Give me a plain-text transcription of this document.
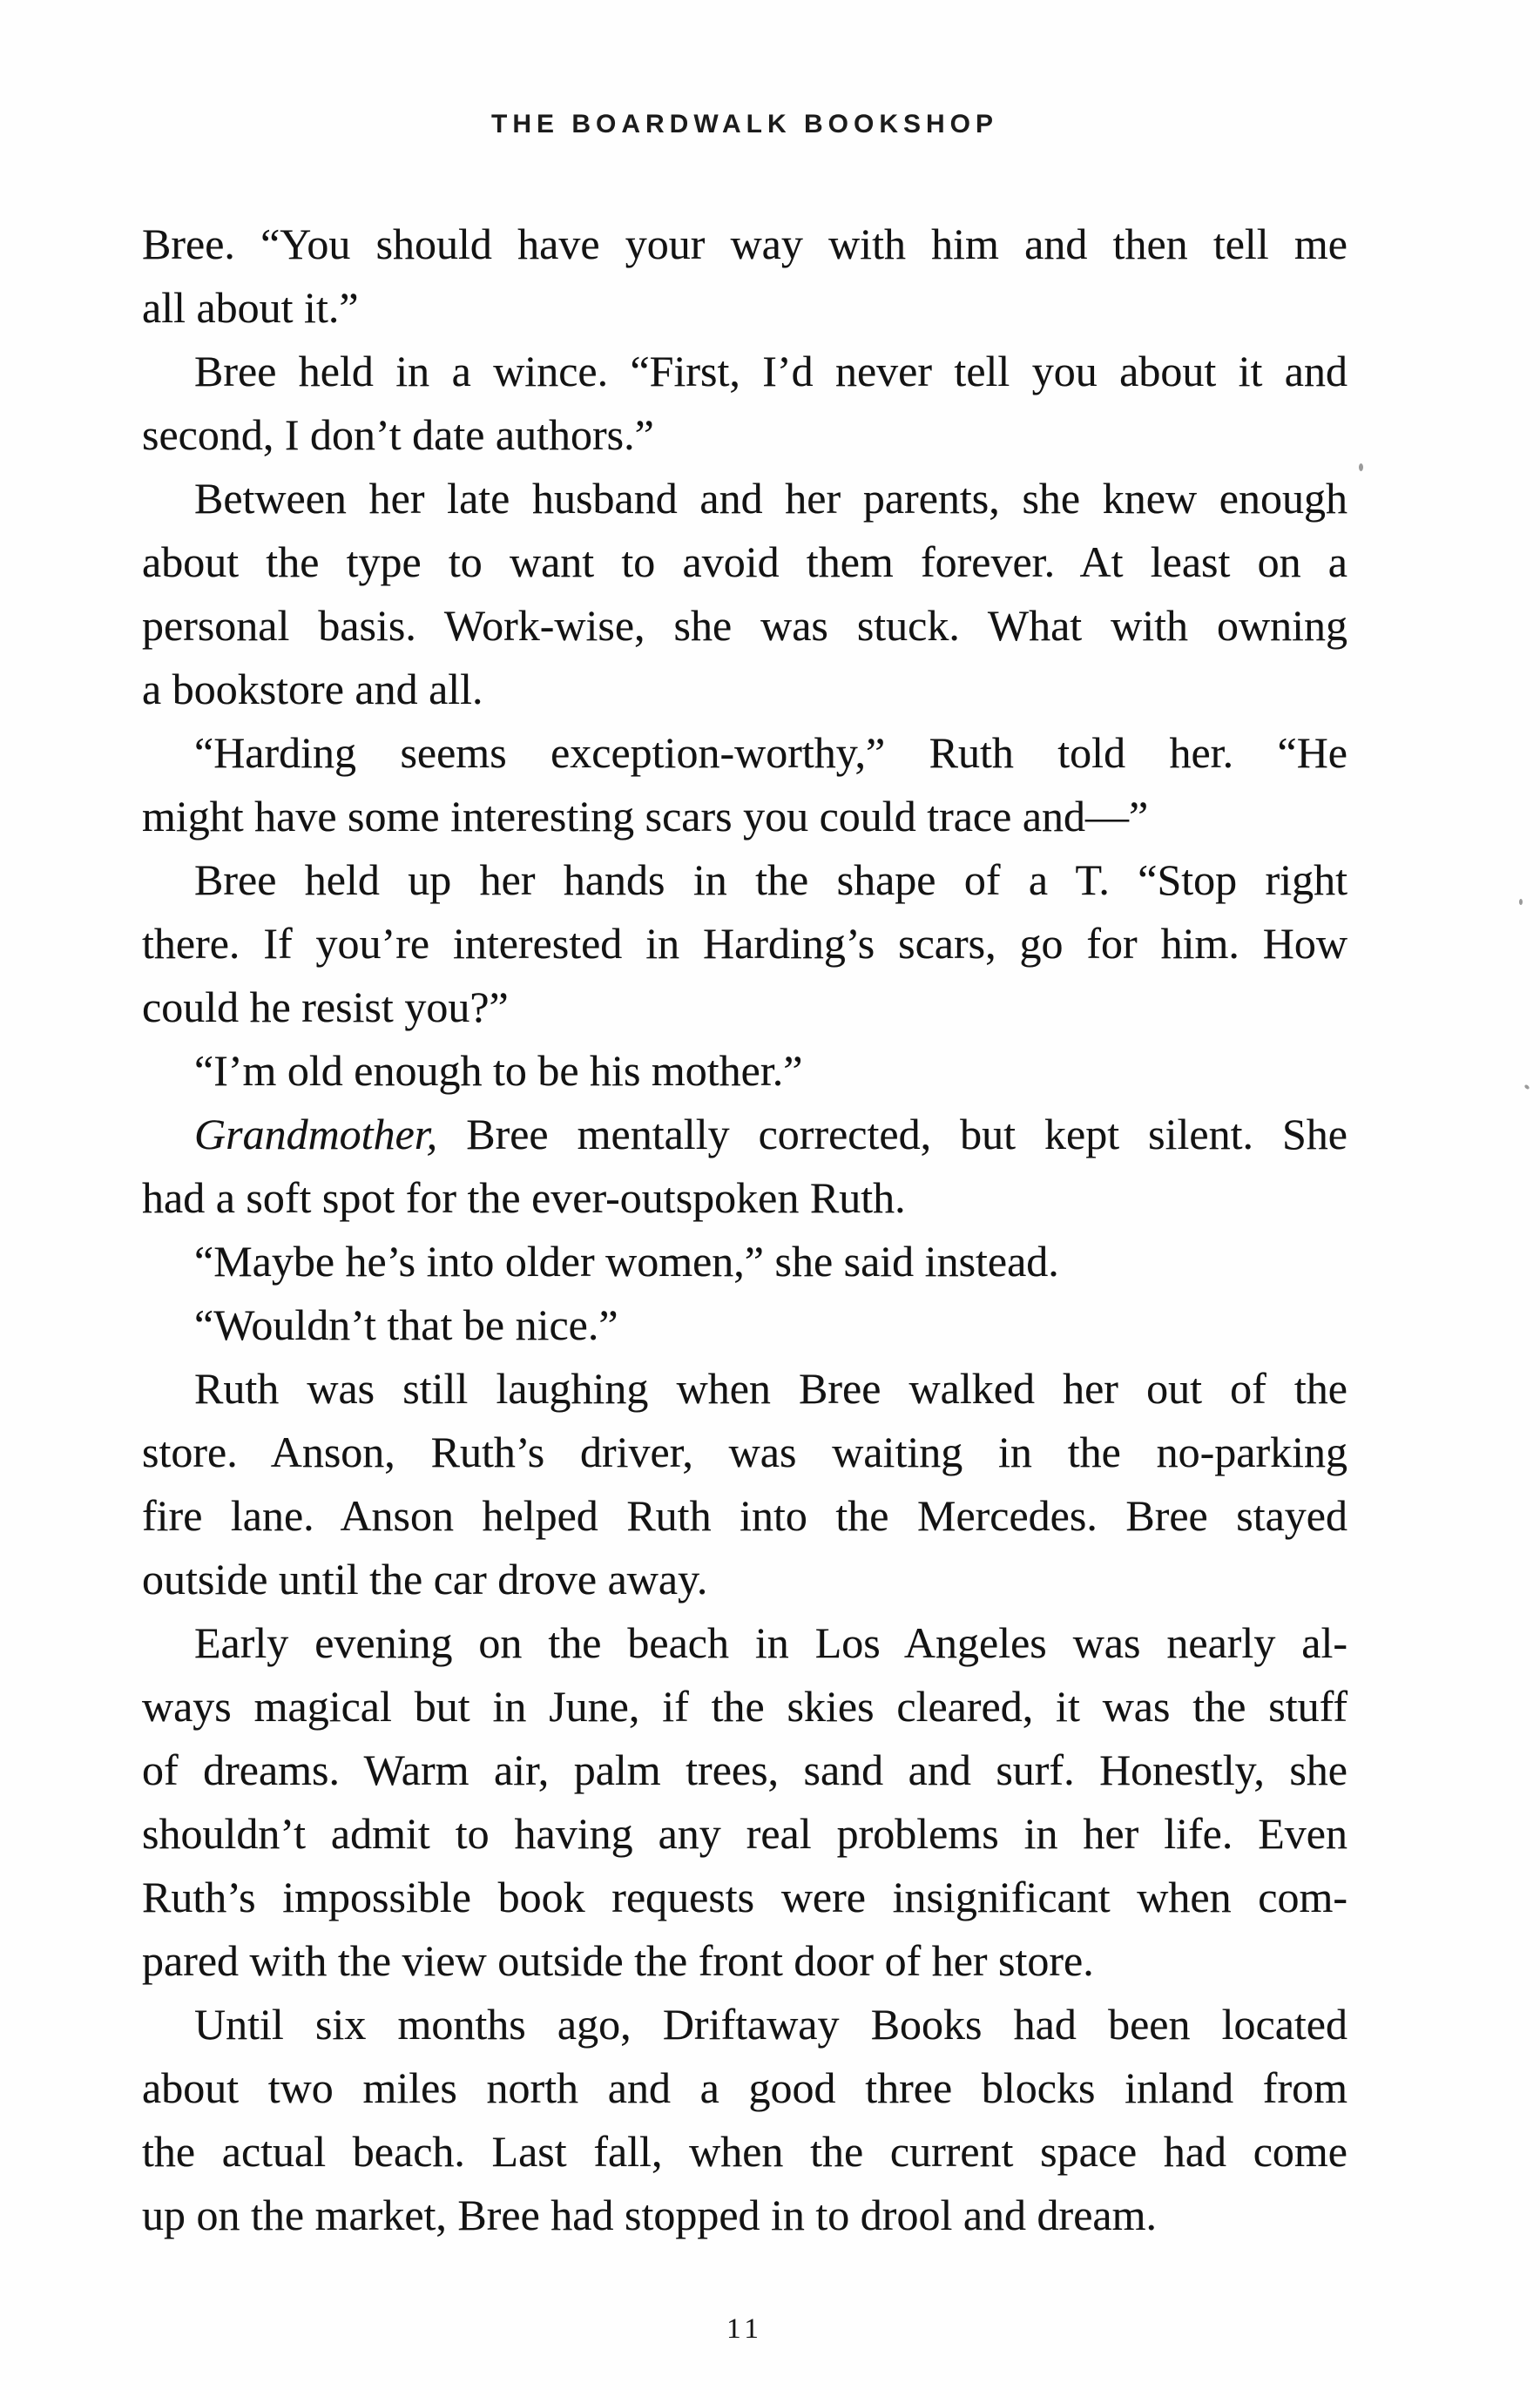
THE BOARDWALK BOOKSHOP
Bree. “You should have your way with him and then tell me
all about it.”
Bree held in a wince. “First, I’d never tell you about it and
second, I don’t date authors.”
Between her late husband and her parents, she knew enough
about the type to want to avoid them forever. At least on a
personal basis. Work-wise, she was stuck. What with owning
a bookstore and all.
“Harding seems exception-worthy,” Ruth told her. “He
might have some interesting scars you could trace and—”
Bree held up her hands in the shape of a T. “Stop right
there. If you’re interested in Harding’s scars, go for him. How
could he resist you?”
“I’m old enough to be his mother.”
Grandmother, Bree mentally corrected, but kept silent. She
had a soft spot for the ever-outspoken Ruth.
“Maybe he’s into older women,” she said instead.
“Wouldn’t that be nice.”
Ruth was still laughing when Bree walked her out of the
store. Anson, Ruth’s driver, was waiting in the no-parking
fire lane. Anson helped Ruth into the Mercedes. Bree stayed
outside until the car drove away.
Early evening on the beach in Los Angeles was nearly al-
ways magical but in June, if the skies cleared, it was the stuff
of dreams. Warm air, palm trees, sand and surf. Honestly, she
shouldn’t admit to having any real problems in her life. Even
Ruth’s impossible book requests were insignificant when com-
pared with the view outside the front door of her store.
Until six months ago, Driftaway Books had been located
about two miles north and a good three blocks inland from
the actual beach. Last fall, when the current space had come
up on the market, Bree had stopped in to drool and dream.
11
